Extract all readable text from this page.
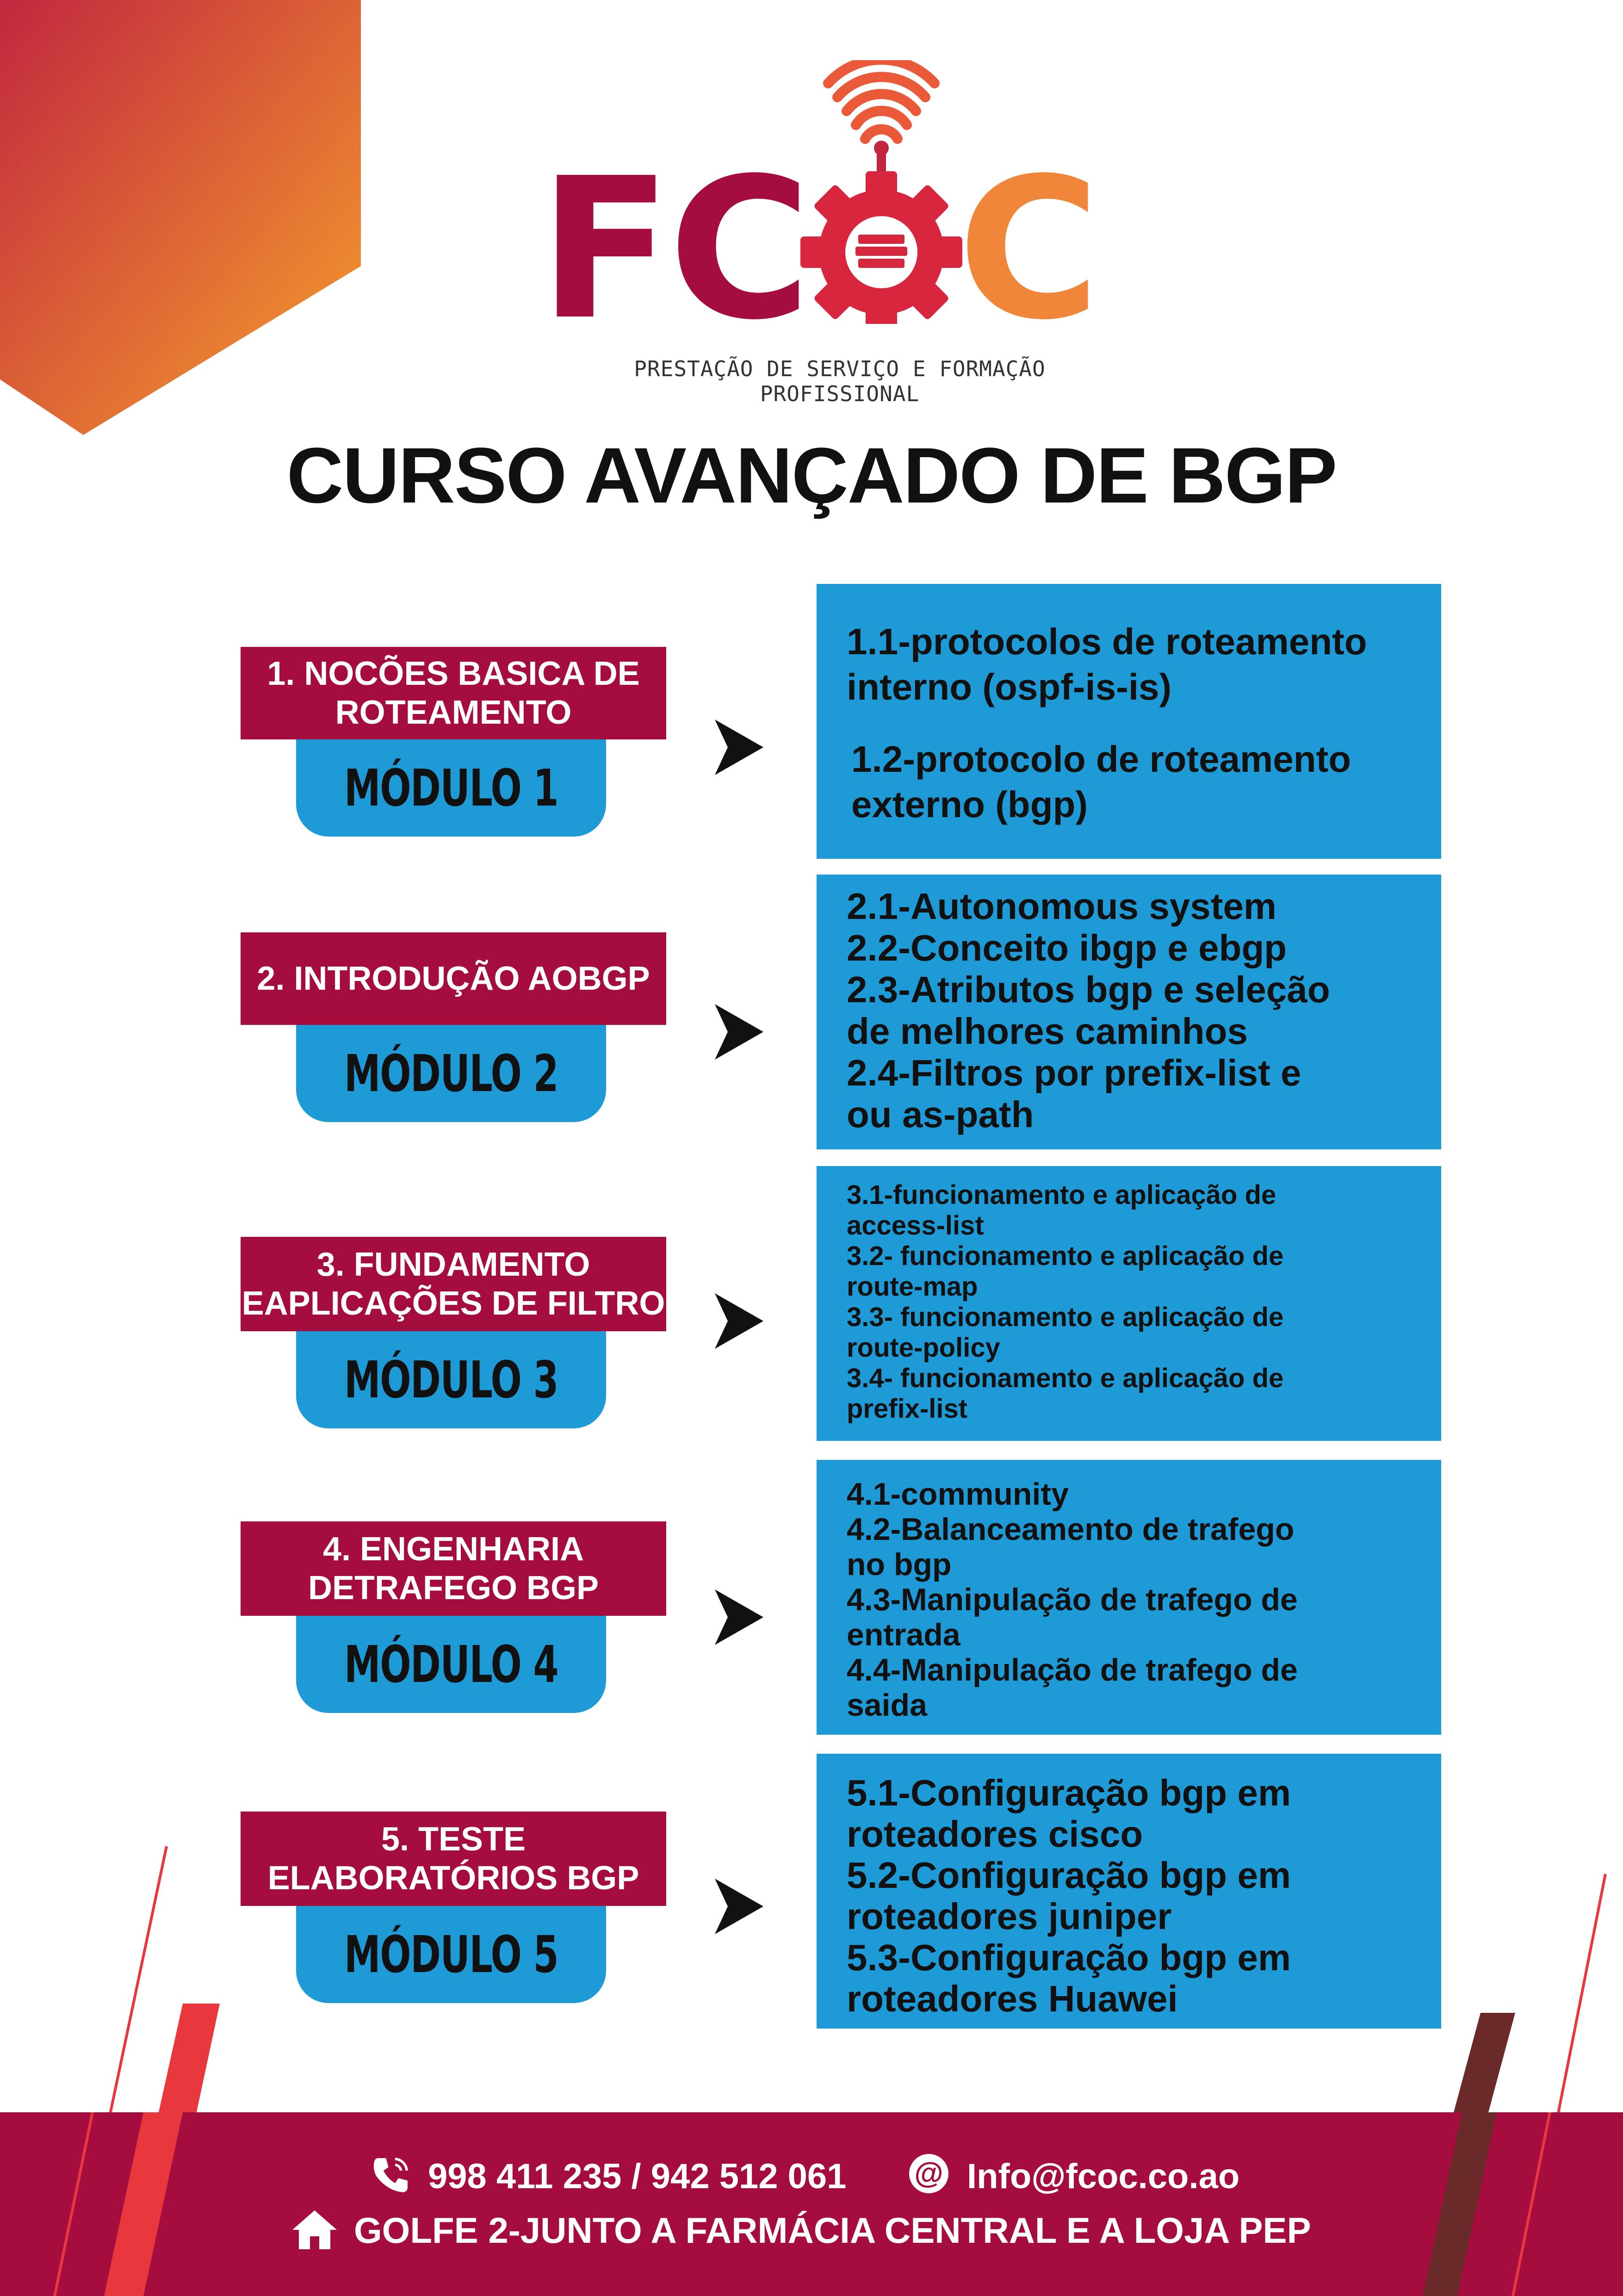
F
C C
PRESTAÇÃO DE SERVIÇO E FORMAÇÃO PROFISSIONAL
CURSO AVANÇADO DE BGP
1. NOCÕES BASICA DE
ROTEAMENTO
MÓDULO 1
1.1-protocolos de roteamento
interno (ospf-is-is)
1.2-protocolo de roteamento
externo (bgp)
2. INTRODUÇÃO AOBGP
MÓDULO 2
2.1-Autonomous system
2.2-Conceito ibgp e ebgp
2.3-Atributos bgp e seleção
de melhores caminhos
2.4-Filtros por prefix-list e
ou as-path
3. FUNDAMENTO EAPLICAÇÕES DE FILTRO
MÓDULO 3
3.1-funcionamento e aplicação de
access-list
3.2- funcionamento e aplicação de
route-map
3.3- funcionamento e aplicação de
route-policy
3.4- funcionamento e aplicação de
prefix-list
4. ENGENHARIA DETRAFEGO BGP
MÓDULO 4
4.1-community
4.2-Balanceamento de trafego
no bgp
4.3-Manipulação de trafego de
entrada
4.4-Manipulação de trafego de
saida
5. TESTE ELABORATÓRIOS BGP
MÓDULO 5
5.1-Configuração bgp em
roteadores cisco
5.2-Configuração bgp em
roteadores juniper
5.3-Configuração bgp em
roteadores Huawei
998 411 235 / 942 512 061 @ Info@fcoc.co.ao
GOLFE 2-JUNTO A FARMÁCIA CENTRAL E A LOJA PEP
